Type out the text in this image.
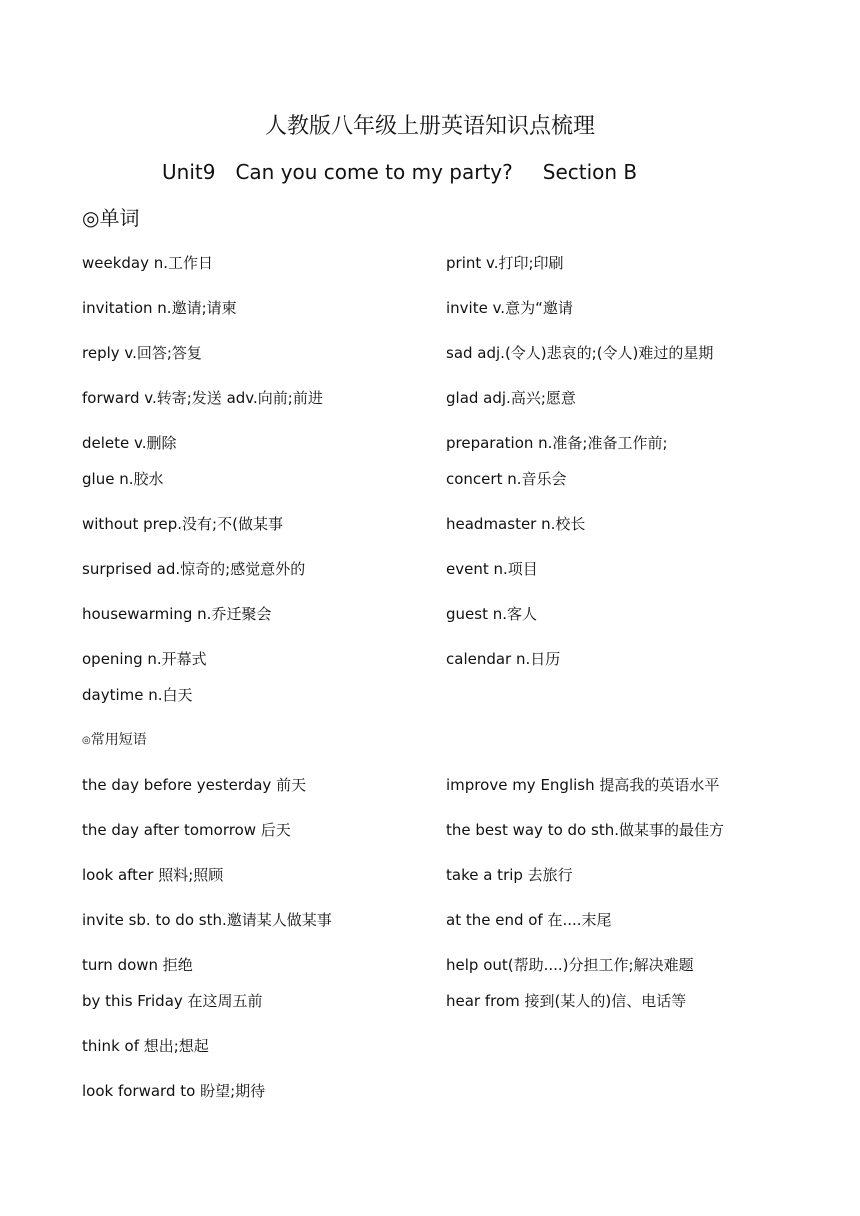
人教版八年级上册英语知识点梳理
Unit9 Can you come to my party? Section B
◎单词
weekday n.工作日	print v.打印;印刷
invitation n.邀请;请柬	invite v.意为“邀请
reply v.回答;答复	sad adj.(令人)悲哀的;(令人)难过的星期
forward v.转寄;发送 adv.向前;前进	glad adj.高兴;愿意
delete v.删除	preparation n.准备;准备工作前;
glue n.胶水	concert n.音乐会
without prep.没有;不(做某事	headmaster n.校长
surprised ad.惊奇的;感觉意外的	event n.项目
housewarming n.乔迁聚会	guest n.客人
opening n.开幕式	calendar n.日历
daytime n.白天
◎常用短语
the day before yesterday 前天	improve my English 提高我的英语水平
the day after tomorrow 后天	the best way to do sth.做某事的最佳方
look after 照料;照顾	take a trip 去旅行
invite sb. to do sth.邀请某人做某事	at the end of 在....末尾
turn down 拒绝	help out(帮助....)分担工作;解决难题
by this Friday 在这周五前	hear from 接到(某人的)信、电话等
think of 想出;想起
look forward to 盼望;期待
